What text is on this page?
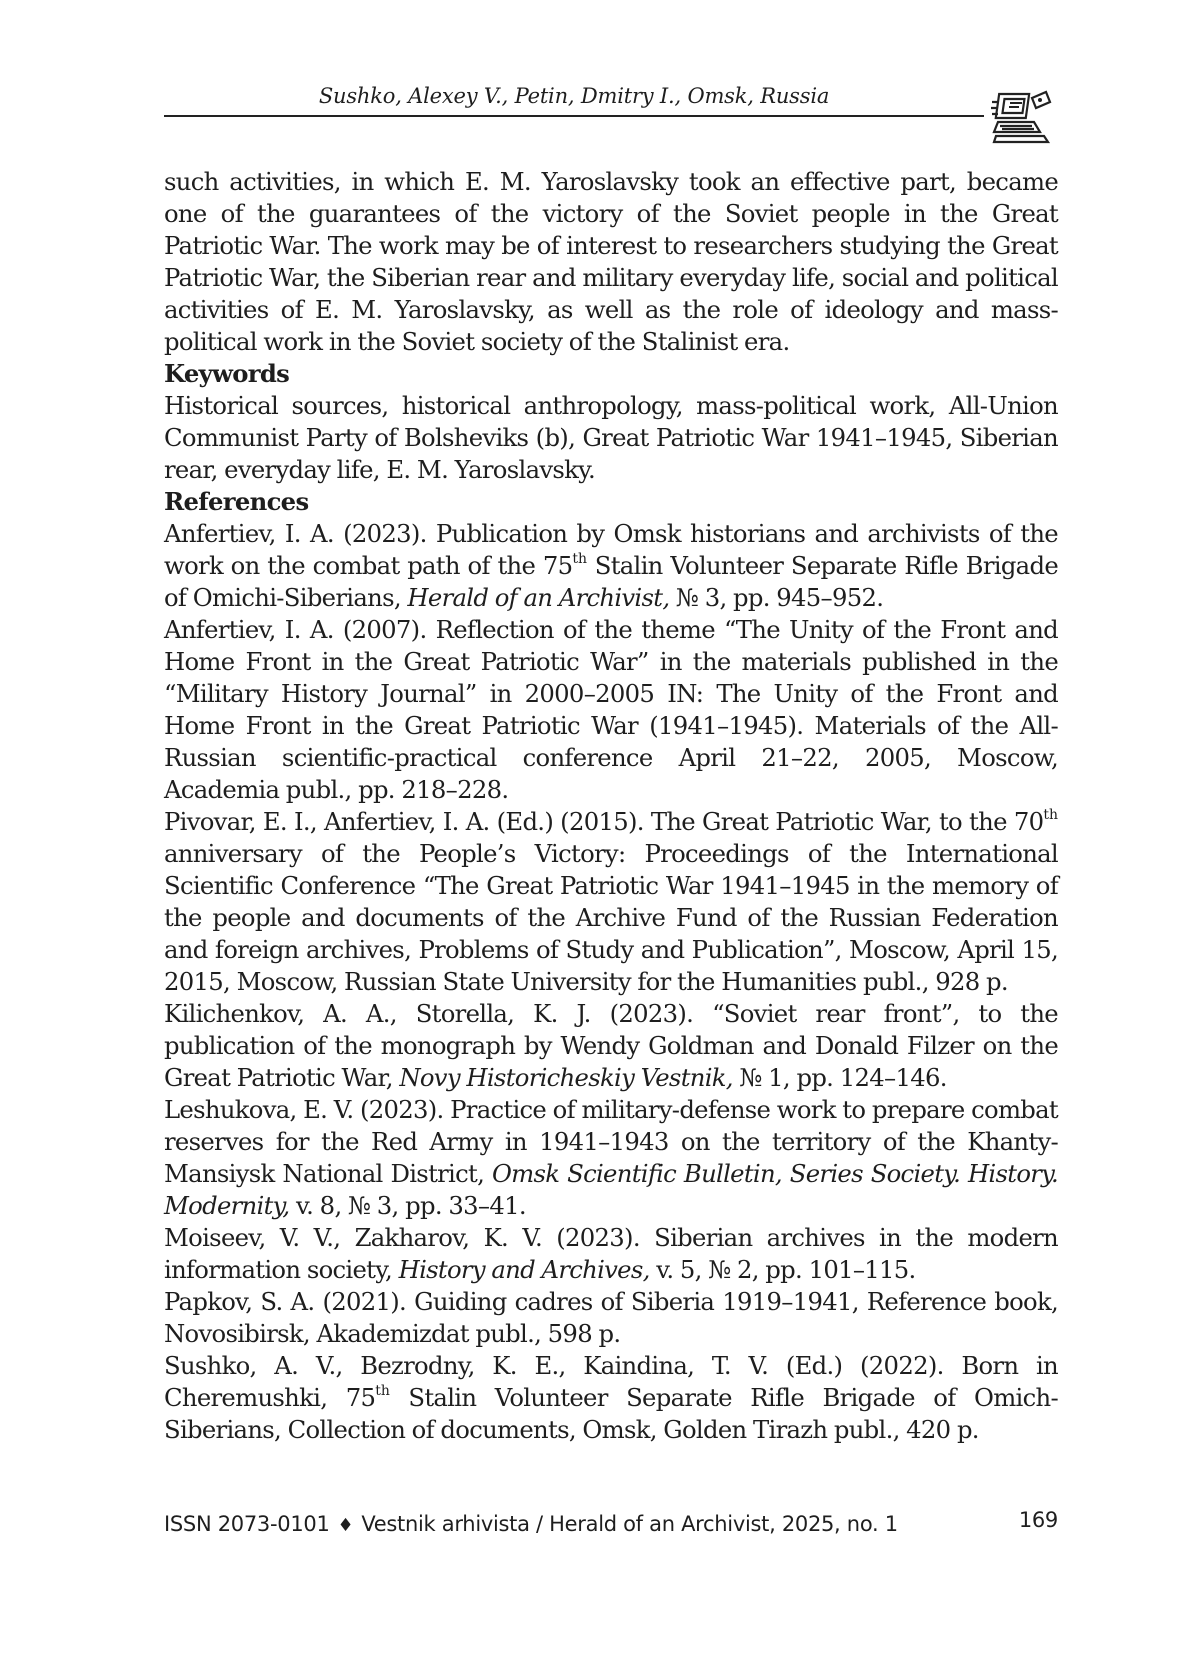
Sushko, Alexey V., Petin, Dmitry I., Omsk, Russia

such activities, in which E. M. Yaroslavsky took an effective part, became one of the guarantees of the victory of the Soviet people in the Great Patriotic War. The work may be of interest to researchers studying the Great Patriotic War, the Siberian rear and military everyday life, social and political activities of E. M. Yaroslavsky, as well as the role of ideology and mass-political work in the Soviet society of the Stalinist era.

Keywords

Historical sources, historical anthropology, mass-political work, All-Union Communist Party of Bolsheviks (b), Great Patriotic War 1941–1945, Siberian rear, everyday life, E. M. Yaroslavsky.

References

Anfertiev, I. A. (2023). Publication by Omsk historians and archivists of the work on the combat path of the 75th Stalin Volunteer Separate Rifle Brigade of Omichi-Siberians, Herald of an Archivist, № 3, pp. 945–952.

Anfertiev, I. A. (2007). Reflection of the theme “The Unity of the Front and Home Front in the Great Patriotic War” in the materials published in the “Military History Journal” in 2000–2005 IN: The Unity of the Front and Home Front in the Great Patriotic War (1941–1945). Materials of the All-Russian scientific-practical conference April 21–22, 2005, Moscow, Academia publ., pp. 218–228.

Pivovar, E. I., Anfertiev, I. A. (Ed.) (2015). The Great Patriotic War, to the 70th anniversary of the People’s Victory: Proceedings of the International Scientific Conference “The Great Patriotic War 1941–1945 in the memory of the people and documents of the Archive Fund of the Russian Federation and foreign archives, Problems of Study and Publication”, Moscow, April 15, 2015, Moscow, Russian State University for the Humanities publ., 928 p.

Kilichenkov, A. A., Storella, K. J. (2023). “Soviet rear front”, to the publication of the monograph by Wendy Goldman and Donald Filzer on the Great Patriotic War, Novy Historicheskiy Vestnik, № 1, pp. 124–146.

Leshukova, E. V. (2023). Practice of military-defense work to prepare combat reserves for the Red Army in 1941–1943 on the territory of the Khanty-Mansiysk National District, Omsk Scientific Bulletin, Series Society. History. Modernity, v. 8, № 3, pp. 33–41.

Moiseev, V. V., Zakharov, K. V. (2023). Siberian archives in the modern information society, History and Archives, v. 5, № 2, pp. 101–115.

Papkov, S. A. (2021). Guiding cadres of Siberia 1919–1941, Reference book, Novosibirsk, Akademizdat publ., 598 p.

Sushko, A. V., Bezrodny, K. E., Kaindina, T. V. (Ed.) (2022). Born in Cheremushki, 75th Stalin Volunteer Separate Rifle Brigade of Omich-Siberians, Collection of documents, Omsk, Golden Tirazh publ., 420 p.

ISSN 2073-0101 ♦ Vestnik arhivista / Herald of an Archivist, 2025, no. 1	169
